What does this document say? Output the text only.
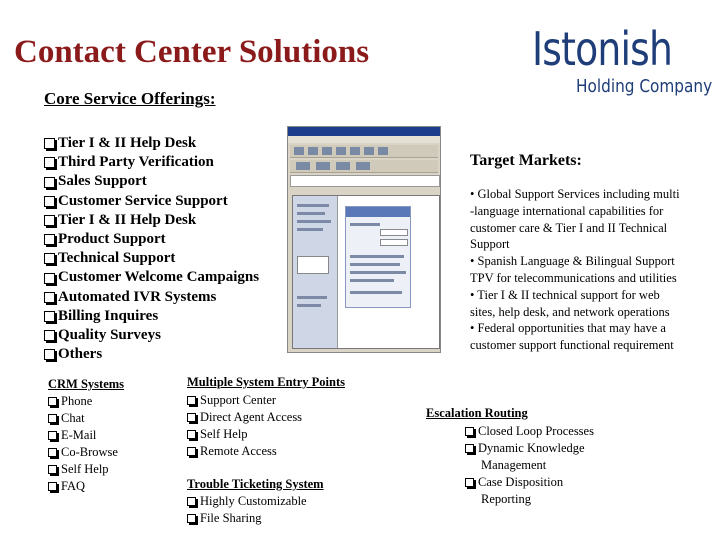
Contact Center Solutions	Istonish
Holding Company
Core Service Offerings:
Tier I & II Help Desk
Third Party Verification
Sales Support
Customer Service Support
Tier I & II Help Desk
Product Support
Technical Support
Customer Welcome Campaigns
Automated IVR Systems
Billing Inquires
Quality Surveys
Others
Target Markets:
• Global Support Services including multi
-language international capabilities for
customer care & Tier I and II Technical
Support
• Spanish Language & Bilingual Support
TPV for telecommunications and utilities
• Tier I & II technical support for web
sites, help desk, and network operations
• Federal opportunities that may have a
customer support functional requirement
CRM Systems
Phone
Chat
E-Mail
Co-Browse
Self Help
FAQ
Multiple System Entry Points
Support Center
Direct Agent Access
Self Help
Remote Access
Trouble Ticketing System
Highly Customizable
File Sharing
Escalation Routing
Closed Loop Processes
Dynamic Knowledge
Management
Case Disposition
Reporting
